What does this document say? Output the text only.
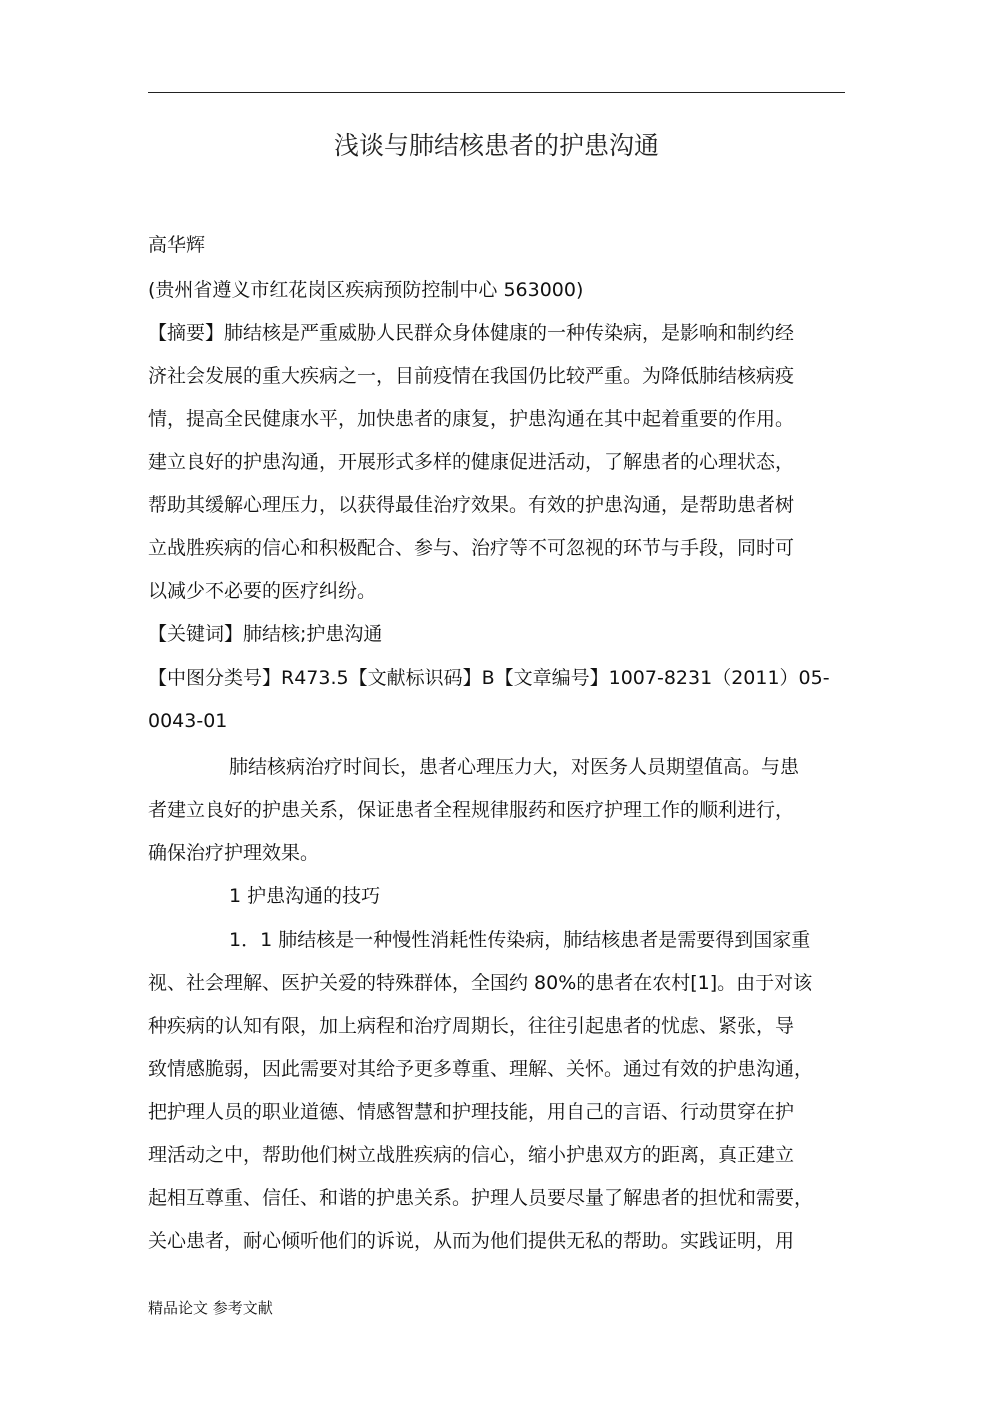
浅谈与肺结核患者的护患沟通

高华辉

(贵州省遵义市红花岗区疾病预防控制中心 563000)

【摘要】肺结核是严重威胁人民群众身体健康的一种传染病，是影响和制约经

济社会发展的重大疾病之一，目前疫情在我国仍比较严重。为降低肺结核病疫

情，提高全民健康水平，加快患者的康复，护患沟通在其中起着重要的作用。

建立良好的护患沟通，开展形式多样的健康促进活动，了解患者的心理状态，

帮助其缓解心理压力，以获得最佳治疗效果。有效的护患沟通，是帮助患者树

立战胜疾病的信心和积极配合、参与、治疗等不可忽视的环节与手段，同时可

以减少不必要的医疗纠纷。

【关键词】肺结核;护患沟通

【中图分类号】R473.5【文献标识码】B【文章编号】1007-8231（2011）05-

0043-01

肺结核病治疗时间长，患者心理压力大，对医务人员期望值高。与患

者建立良好的护患关系，保证患者全程规律服药和医疗护理工作的顺利进行，

确保治疗护理效果。

1 护患沟通的技巧

1．1 肺结核是一种慢性消耗性传染病，肺结核患者是需要得到国家重

视、社会理解、医护关爱的特殊群体，全国约 80%的患者在农村[1]。由于对该

种疾病的认知有限，加上病程和治疗周期长，往往引起患者的忧虑、紧张，导

致情感脆弱，因此需要对其给予更多尊重、理解、关怀。通过有效的护患沟通，

把护理人员的职业道德、情感智慧和护理技能，用自己的言语、行动贯穿在护

理活动之中，帮助他们树立战胜疾病的信心，缩小护患双方的距离，真正建立

起相互尊重、信任、和谐的护患关系。护理人员要尽量了解患者的担忧和需要，

关心患者，耐心倾听他们的诉说，从而为他们提供无私的帮助。实践证明，用

精品论文 参考文献
